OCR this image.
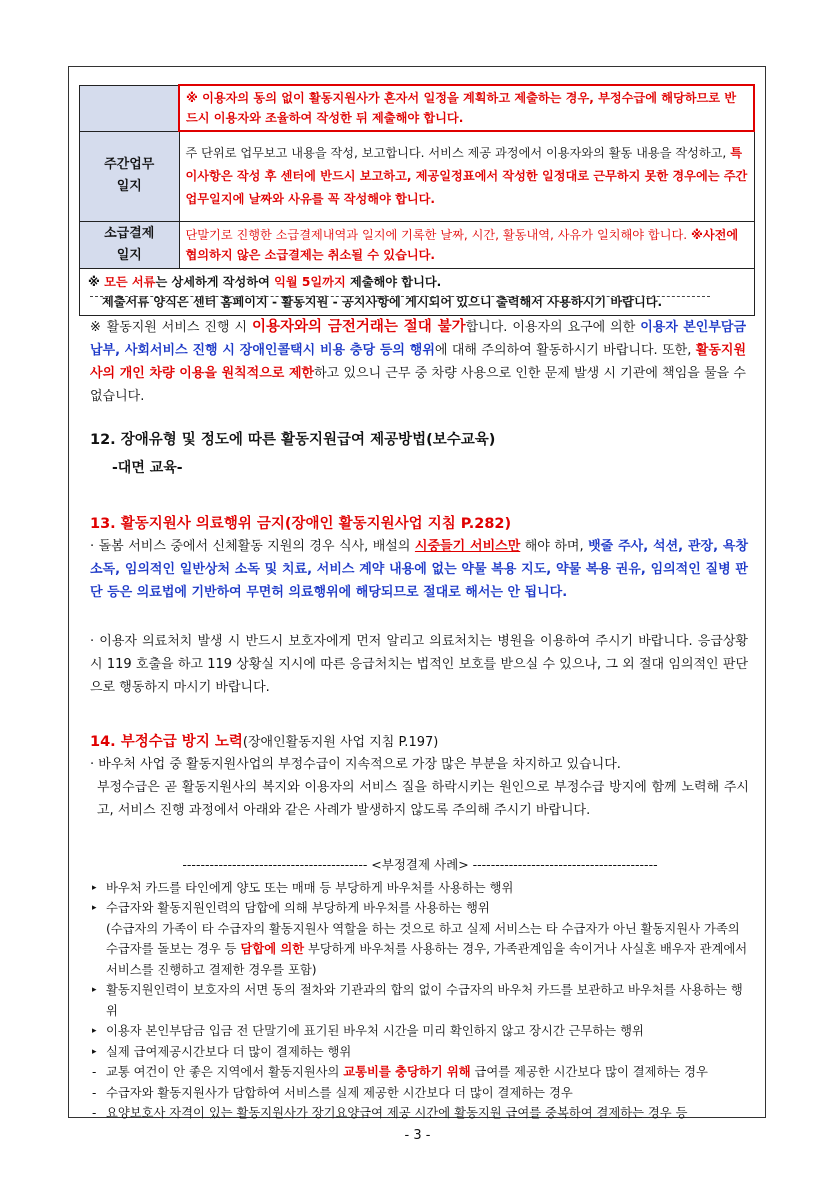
	※ 이용자의 동의 없이 활동지원사가 혼자서 일정을 계획하고 제출하는 경우, 부정수급에 해당하므로 반드시 이용자와 조율하여 작성한 뒤 제출해야 합니다.

주간업무
일지	주 단위로 업무보고 내용을 작성, 보고합니다. 서비스 제공 과정에서 이용자와의 활동 내용을 작성하고, 특이사항은 작성 후 센터에 반드시 보고하고, 제공일정표에서 작성한 일정대로 근무하지 못한 경우에는 주간업무일지에 날짜와 사유를 꼭 작성해야 합니다.

소급결제
일지	단말기로 진행한 소급결제내역과 일지에 기록한 날짜, 시간, 활동내역, 사유가 일치해야 합니다. ※사전에 협의하지 않은 소급결제는 취소될 수 있습니다.

※ 모든 서류는 상세하게 작성하여 익월 5일까지 제출해야 합니다.
제출서류 양식은 센터 홈페이지 - 활동지원 - 공지사항에 게시되어 있으니 출력해서 사용하시기 바랍니다.	
※ 활동지원 서비스 진행 시 이용자와의 금전거래는 절대 불가합니다. 이용자의 요구에 의한 이용자 본인부담금 납부, 사회서비스 진행 시 장애인콜택시 비용 충당 등의 행위에 대해 주의하여 활동하시기 바랍니다. 또한, 활동지원사의 개인 차량 이용을 원칙적으로 제한하고 있으니 근무 중 차량 사용으로 인한 문제 발생 시 기관에 책임을 물을 수 없습니다.
12. 장애유형 및 정도에 따른 활동지원급여 제공방법(보수교육)
-대면 교육-
13. 활동지원사 의료행위 금지(장애인 활동지원사업 지침 P.282)
· 돌봄 서비스 중에서 신체활동 지원의 경우 식사, 배설의 시중들기 서비스만 해야 하며, 뱃줄 주사, 석션, 관장, 욕창 소독, 임의적인 일반상처 소독 및 치료, 서비스 계약 내용에 없는 약물 복용 지도, 약물 복용 권유, 임의적인 질병 판단 등은 의료법에 기반하여 무면허 의료행위에 해당되므로 절대로 해서는 안 됩니다.
· 이용자 의료처치 발생 시 반드시 보호자에게 먼저 알리고 의료처치는 병원을 이용하여 주시기 바랍니다. 응급상황 시 119 호출을 하고 119 상황실 지시에 따른 응급처치는 법적인 보호를 받으실 수 있으나, 그 외 절대 임의적인 판단으로 행동하지 마시기 바랍니다.
14. 부정수급 방지 노력(장애인활동지원 사업 지침 P.197)
· 바우처 사업 중 활동지원사업의 부정수급이 지속적으로 가장 많은 부분을 차지하고 있습니다.
부정수급은 곧 활동지원사의 복지와 이용자의 서비스 질을 하락시키는 원인으로 부정수급 방지에 함께 노력해 주시고, 서비스 진행 과정에서 아래와 같은 사례가 발생하지 않도록 주의해 주시기 바랍니다.
----------------------------------------- <부정결제 사례> -----------------------------------------
▸ 바우처 카드를 타인에게 양도 또는 매매 등 부당하게 바우처를 사용하는 행위
▸ 수급자와 활동지원인력의 담합에 의해 부당하게 바우처를 사용하는 행위
(수급자의 가족이 타 수급자의 활동지원사 역할을 하는 것으로 하고 실제 서비스는 타 수급자가 아닌 활동지원사 가족의 수급자를 돌보는 경우 등 담합에 의한 부당하게 바우처를 사용하는 경우, 가족관계임을 속이거나 사실혼 배우자 관계에서 서비스를 진행하고 결제한 경우를 포함)
▸ 활동지원인력이 보호자의 서면 동의 절차와 기관과의 합의 없이 수급자의 바우처 카드를 보관하고 바우처를 사용하는 행위
▸ 이용자 본인부담금 입금 전 단말기에 표기된 바우처 시간을 미리 확인하지 않고 장시간 근무하는 행위
▸ 실제 급여제공시간보다 더 많이 결제하는 행위
- 교통 여건이 안 좋은 지역에서 활동지원사의 교통비를 충당하기 위해 급여를 제공한 시간보다 많이 결제하는 경우
- 수급자와 활동지원사가 담합하여 서비스를 실제 제공한 시간보다 더 많이 결제하는 경우
- 요양보호사 자격이 있는 활동지원사가 장기요양급여 제공 시간에 활동지원 급여를 중복하여 결제하는 경우 등
- 3 -
